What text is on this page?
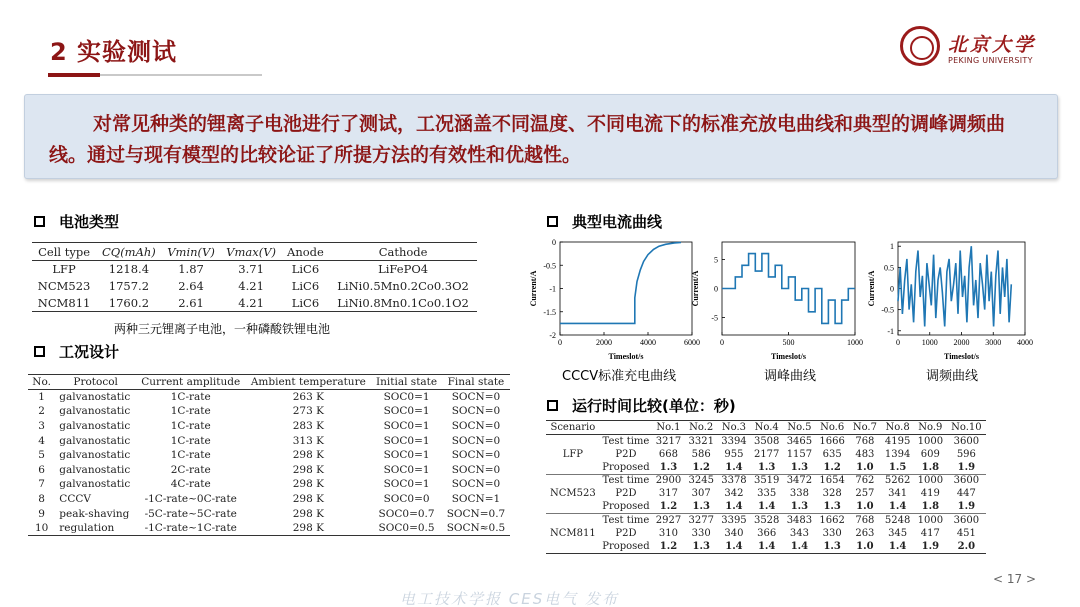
2 实验测试	北京大学
PEKING UNIVERSITY

对常见种类的锂离子电池进行了测试，工况涵盖不同温度、不同电流下的标准充放电曲线和典型的调峰调频曲线。通过与现有模型的比较论证了所提方法的有效性和优越性。

电池类型
Cell type	CQ(mAh)	Vmin(V)	Vmax(V)	Anode	Cathode
LFP	1218.4	1.87	3.71	LiC6	LiFePO4
NCM523	1757.2	2.64	4.21	LiC6	LiNi0.5Mn0.2Co0.3O2
NCM811	1760.2	2.61	4.21	LiC6	LiNi0.8Mn0.1Co0.1O2
两种三元锂离子电池，一种磷酸铁锂电池
工况设计
No.	Protocol	Current amplitude	Ambient temperature	Initial state	Final state
1	galvanostatic	1C-rate	263 K	SOC0=1	SOCN=0
2	galvanostatic	1C-rate	273 K	SOC0=1	SOCN=0
3	galvanostatic	1C-rate	283 K	SOC0=1	SOCN=0
4	galvanostatic	1C-rate	313 K	SOC0=1	SOCN=0
5	galvanostatic	1C-rate	298 K	SOC0=1	SOCN=0
6	galvanostatic	2C-rate	298 K	SOC0=1	SOCN=0
7	galvanostatic	4C-rate	298 K	SOC0=1	SOCN=0
8	CCCV	-1C-rate~0C-rate	298 K	SOC0=0	SOCN=1
9	peak-shaving	-5C-rate~5C-rate	298 K	SOC0=0.7	SOCN=0.7
10	regulation	-1C-rate~1C-rate	298 K	SOC0=0.5	SOCN≈0.5
典型电流曲线
0	2000	4000	6000
0
-0.5
-1
-1.5
-2
Timeslot/s
Current/A
0	500	1000
5
0
-5
Timeslot/s
Current/A
0	1000 2000 3000 4000
1
0.5
0
-0.5
-1
Timeslot/s
Current/A
CCCV标准充电曲线	调峰曲线	调频曲线
运行时间比较(单位：秒)
Scenario		No.1	No.2	No.3	No.4	No.5	No.6	No.7	No.8	No.9	No.10
LFP	Test time	3217	3321	3394	3508	3465	1666	768	4195	1000	3600
	P2D	668	586	955	2177	1157	635	483	1394	609	596
	Proposed	1.3	1.2	1.4	1.3	1.3	1.2	1.0	1.5	1.8	1.9
NCM523	Test time	2900	3245	3378	3519	3472	1654	762	5262	1000	3600
	P2D	317	307	342	335	338	328	257	341	419	447
	Proposed	1.2	1.3	1.4	1.4	1.3	1.3	1.0	1.4	1.8	1.9
NCM811	Test time	2927	3277	3395	3528	3483	1662	768	5248	1000	3600
	P2D	310	330	340	366	343	330	263	345	417	451
	Proposed	1.2	1.3	1.4	1.4	1.4	1.3	1.0	1.4	1.9	2.0
< 17 >
电工技术学报 CES电气 发布
